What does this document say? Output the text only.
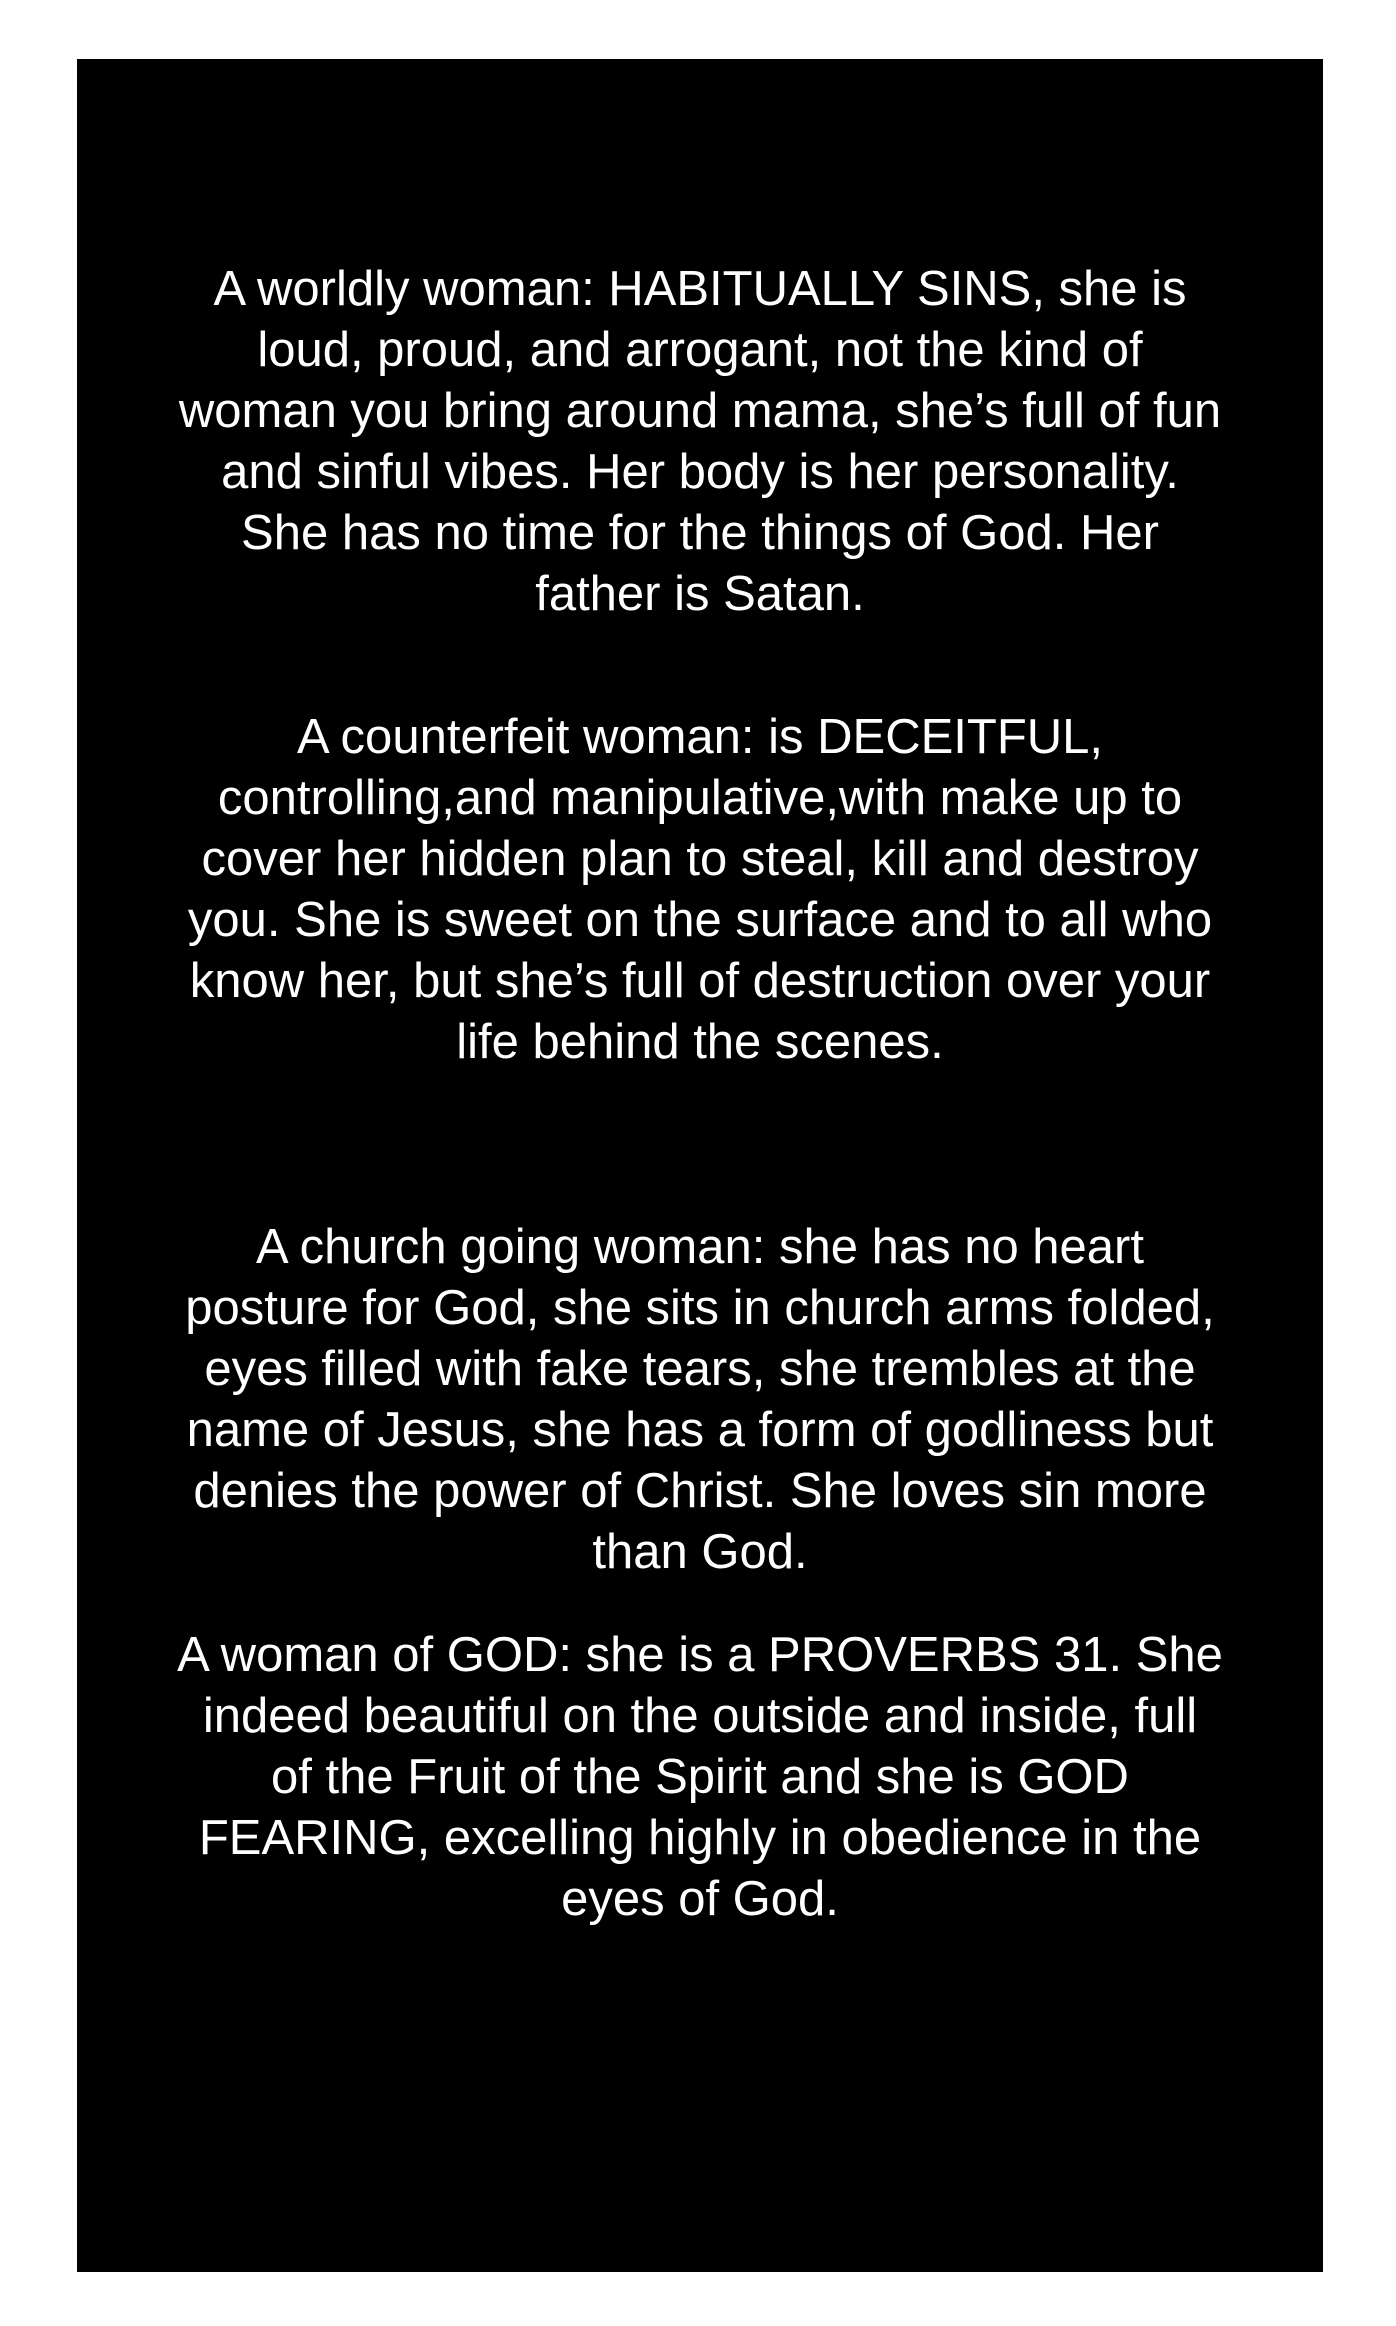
A worldly woman: HABITUALLY SINS, she is
loud, proud, and arrogant, not the kind of
woman you bring around mama, she’s full of fun
and sinful vibes. Her body is her personality.
She has no time for the things of God. Her
father is Satan.

A counterfeit woman: is DECEITFUL,
controlling,and manipulative,with make up to
cover her hidden plan to steal, kill and destroy
you. She is sweet on the surface and to all who
know her, but she’s full of destruction over your
life behind the scenes.

A church going woman: she has no heart
posture for God, she sits in church arms folded,
eyes filled with fake tears, she trembles at the
name of Jesus, she has a form of godliness but
denies the power of Christ. She loves sin more
than God.

A woman of GOD: she is a PROVERBS 31. She
indeed beautiful on the outside and inside, full
of the Fruit of the Spirit and she is GOD
FEARING, excelling highly in obedience in the
eyes of God.
